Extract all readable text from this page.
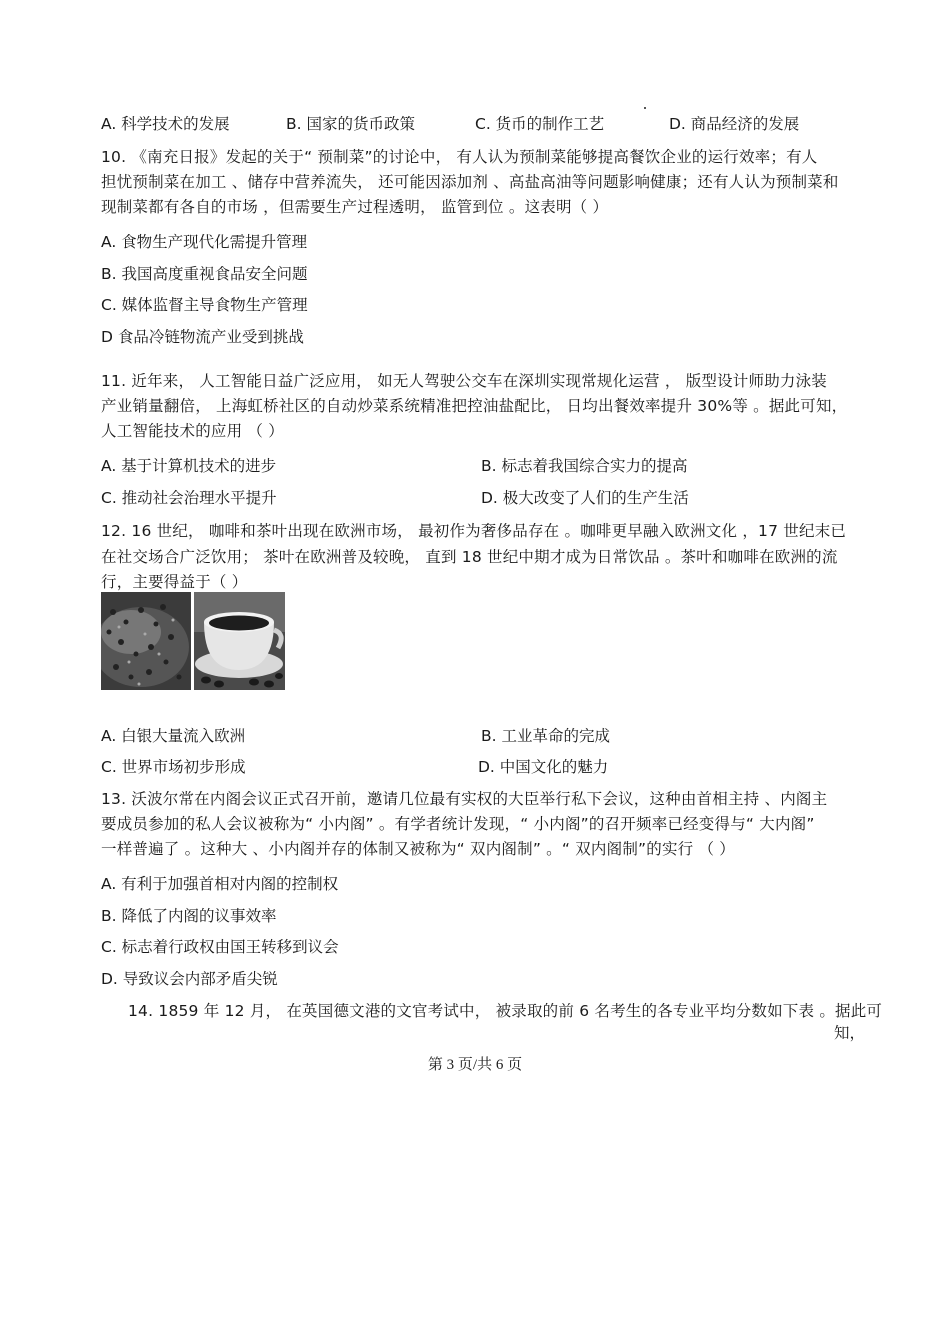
A. 科学技术的发展	B. 国家的货币政策	C. 货币的制作工艺	D. 商品经济的发展
10. 《南充日报》发起的关于“ 预制菜”的讨论中， 有人认为预制菜能够提高餐饮企业的运行效率；有人
担忧预制菜在加工 、储存中营养流失， 还可能因添加剂 、高盐高油等问题影响健康；还有人认为预制菜和
现制菜都有各自的市场 ，但需要生产过程透明， 监管到位 。这表明（ ）
A. 食物生产现代化需提升管理
B. 我国高度重视食品安全问题
C. 媒体监督主导食物生产管理
D 食品冷链物流产业受到挑战
11. 近年来， 人工智能日益广泛应用， 如无人驾驶公交车在深圳实现常规化运营 ， 版型设计师助力泳装
产业销量翻倍， 上海虹桥社区的自动炒菜系统精准把控油盐配比， 日均出餐效率提升 30%等 。据此可知，
人工智能技术的应用 （ ）
A. 基于计算机技术的进步	B. 标志着我国综合实力的提高
C. 推动社会治理水平提升	D. 极大改变了人们的生产生活
12. 16 世纪， 咖啡和茶叶出现在欧洲市场， 最初作为奢侈品存在 。咖啡更早融入欧洲文化 ，17 世纪末已
在社交场合广泛饮用； 茶叶在欧洲普及较晚， 直到 18 世纪中期才成为日常饮品 。茶叶和咖啡在欧洲的流
行，主要得益于（ ）
A. 白银大量流入欧洲	B. 工业革命的完成
C. 世界市场初步形成	D. 中国文化的魅力
13. 沃波尔常在内阁会议正式召开前，邀请几位最有实权的大臣举行私下会议，这种由首相主持 、内阁主
要成员参加的私人会议被称为“ 小内阁” 。有学者统计发现，“ 小内阁”的召开频率已经变得与“ 大内阁”
一样普遍了 。这种大 、小内阁并存的体制又被称为“ 双内阁制” 。“ 双内阁制”的实行 （ ）
A. 有利于加强首相对内阁的控制权
B. 降低了内阁的议事效率
C. 标志着行政权由国王转移到议会
D. 导致议会内部矛盾尖锐
14. 1859 年 12 月， 在英国德文港的文官考试中， 被录取的前 6 名考生的各专业平均分数如下表 。据此可
知，
第 3 页/共 6 页
